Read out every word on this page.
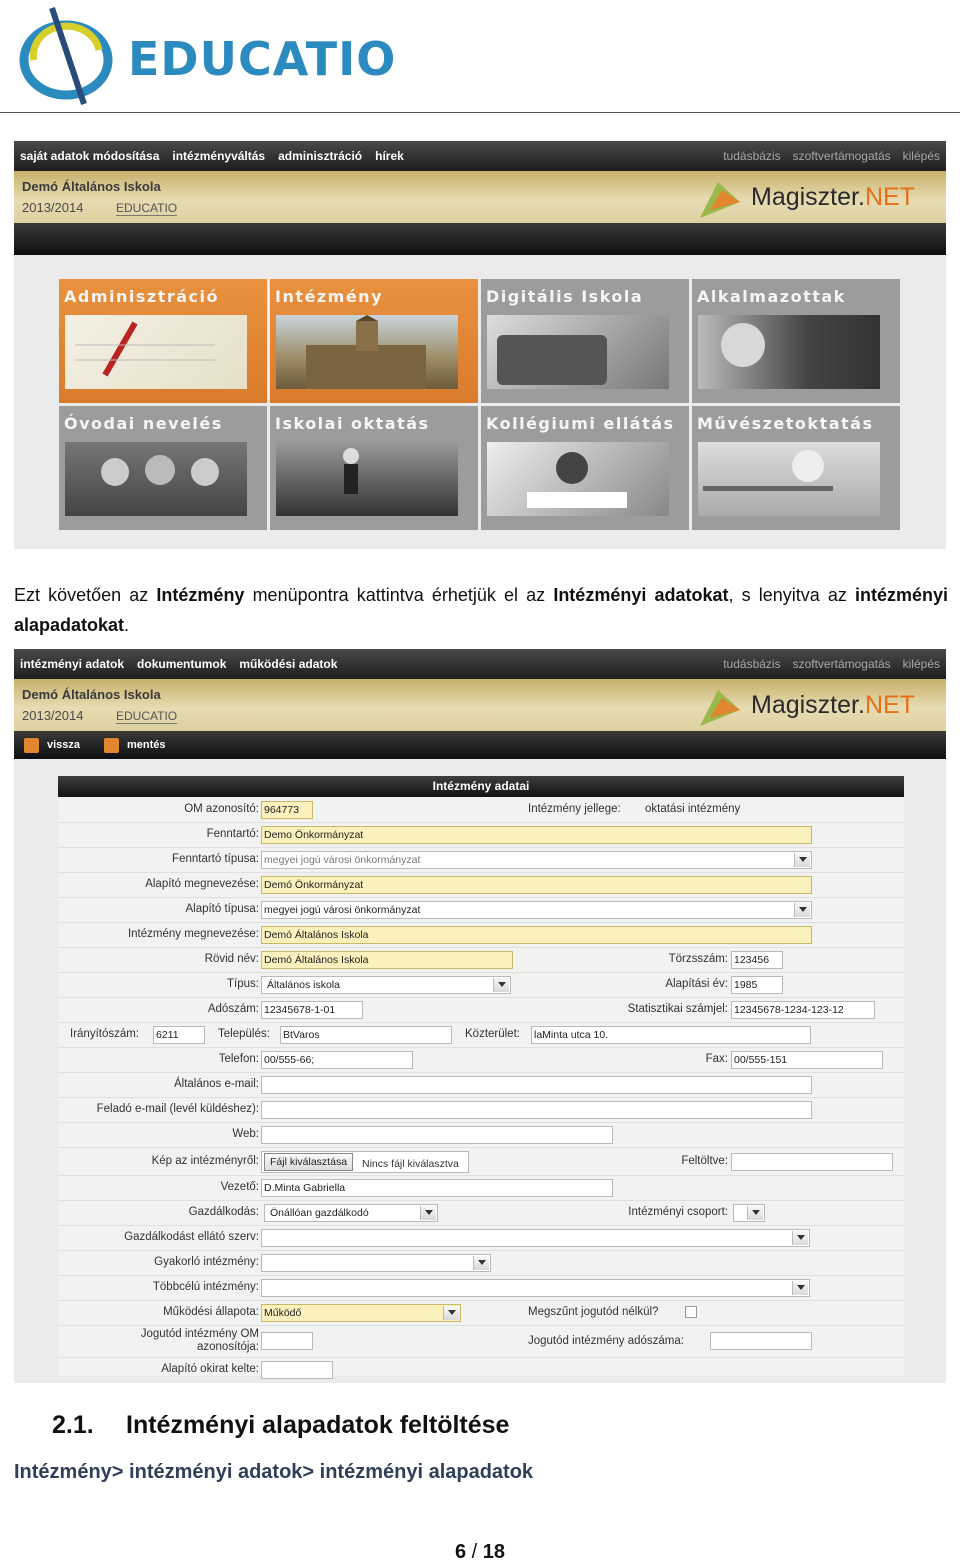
EDUCATIO
saját adatok módosítása intézményváltás adminisztráció hírek	tudásbázis szoftvertámogatás kilépés
Demó Általános Iskola
2013/2014	EDUCATIO	Magiszter.NET
Adminisztráció	Intézmény	Digitális Iskola	Alkalmazottak
Óvodai nevelés	Iskolai oktatás	Kollégiumi ellátás Művészetoktatás

Ezt követően az Intézmény menüpontra kattintva érhetjük el az Intézményi adatokat, s lenyitva az intézményi alapadatokat.

intézményi adatok dokumentumok működési adatok	tudásbázis szoftvertámogatás kilépés
Demó Általános Iskola
2013/2014	EDUCATIO	Magiszter.NET
vissza	mentés
Intézmény adatai
OM azonosító: 964773	Intézmény jellege: oktatási intézmény
Fenntartó: Demo Önkormányzat
Fenntartó típusa: megyei jogú városi önkormányzat
Alapító megnevezése: Demó Önkormányzat
Alapító típusa: megyei jogú városi önkormányzat
Intézmény megnevezése: Demó Általános Iskola
Rövid név: Demó Általános Iskola	Törzsszám: 123456
Típus: Általános iskola	Alapítási év: 1985
Adószám: 12345678-1-01	Statisztikai számjel: 12345678-1234-123-12
Irányítószám: 6211	Település: BtVaros	Közterület: laMinta utca 10.
Telefon: 00/555-66;	Fax: 00/555-151
Általános e-mail:
Feladó e-mail (levél küldéshez):
Web:
Kép az intézményről:	Fájl kiválasztása	Nincs fájl kiválasztva	Feltöltve:
Vezető: D.Minta Gabriella
Gazdálkodás:	Önállóan gazdálkodó	Intézményi csoport:
Gazdálkodást ellátó szerv:
Gyakorló intézmény:
Többcélú intézmény:
Működési állapota: Működő	Megszűnt jogutód nélkül?
Jogutód intézmény OM
azonosítója:	Jogutód intézmény adószáma:
Alapító okirat kelte:
2.1. Intézményi alapadatok feltöltése
Intézmény> intézményi adatok> intézményi alapadatok
6 / 18
